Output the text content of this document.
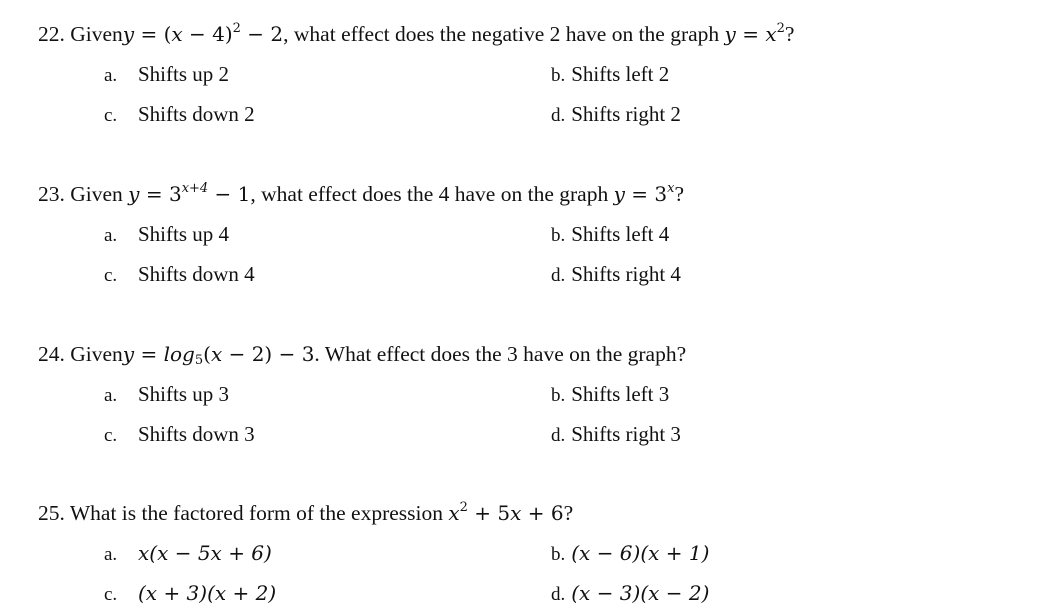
22. Giveny = $(x - 4)^2 - 2$, what effect does the negative 2 have on the graph $y = x^2$?
a. Shifts up 2	b. Shifts left 2
c. Shifts down 2	d. Shifts right 2
23. Given $y = 3^{x+4} - 1$, what effect does the 4 have on the graph $y = 3^x$?
a. Shifts up 4	b. Shifts left 4
c. Shifts down 4	d. Shifts right 4
24. Giveny = $\log_5(x - 2) - 3$. What effect does the 3 have on the graph?
a. Shifts up 3	b. Shifts left 3
c. Shifts down 3	d. Shifts right 3
25. What is the factored form of the expression $x^2 + 5x + 6$?
a. x(x − 5x + 6)	b. (x − 6)(x + 1)
c. (x + 3)(x + 2)	d. (x − 3)(x − 2)
